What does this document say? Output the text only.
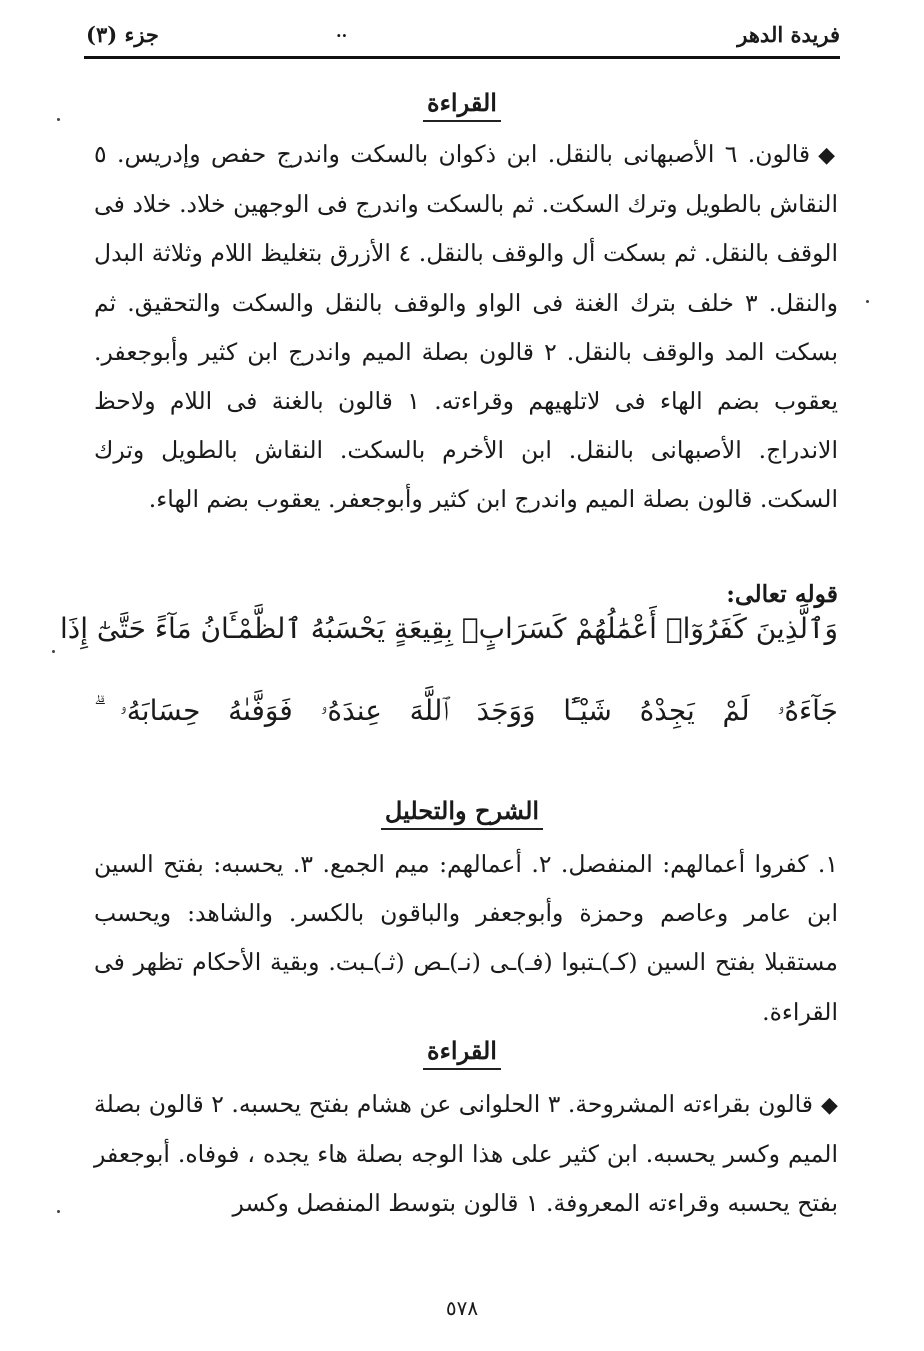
فريدة الدهر
..
جزء (٣)
القراءة
◆قالون. ٦ الأصبهانى بالنقل. ابن ذكوان بالسكت واندرج حفص وإدريس. ٥ النقاش بالطويل وترك السكت. ثم بالسكت واندرج فى الوجهين خلاد. خلاد فى الوقف بالنقل. ثم بسكت أل والوقف بالنقل. ٤ الأزرق بتغليظ اللام وثلاثة البدل والنقل. ٣ خلف بترك الغنة فى الواو والوقف بالنقل والسكت والتحقيق. ثم بسكت المد والوقف بالنقل. ٢ قالون بصلة الميم واندرج ابن كثير وأبوجعفر. يعقوب بضم الهاء فى لاتلهيهم وقراءته. ١ قالون بالغنة فى اللام ولاحظ الاندراج. الأصبهانى بالنقل. ابن الأخرم بالسكت. النقاش بالطويل وترك السكت. قالون بصلة الميم واندرج ابن كثير وأبوجعفر. يعقوب بضم الهاء.
قوله تعالى:
وَٱلَّذِينَ كَفَرُوٓا۟ أَعْمَٰلُهُمْ كَسَرَابٍۭ بِقِيعَةٍ يَحْسَبُهُ ٱلظَّمْـَٔانُ مَآءً حَتَّىٰٓ إِذَا
جَآءَهُۥ لَمْ يَجِدْهُ شَيْـًٔا وَوَجَدَ ٱللَّهَ عِندَهُۥ فَوَفَّىٰهُ حِسَابَهُۥ ۗ
الشرح والتحليل
١. كفروا أعمالهم: المنفصل. ٢. أعمالهم: ميم الجمع. ٣. يحسبه: بفتح السين ابن عامر وعاصم وحمزة وأبوجعفر والباقون بالكسر. والشاهد: ويحسب مستقبلا بفتح السين (كـ)ـتبوا (فـ)ـى (نـ)ـص (ثـ)ـبت. وبقية الأحكام تظهر فى القراءة.
القراءة
◆قالون بقراءته المشروحة. ٣ الحلوانى عن هشام بفتح يحسبه. ٢ قالون بصلة الميم وكسر يحسبه. ابن كثير على هذا الوجه بصلة هاء يجده ، فوفاه. أبوجعفر بفتح يحسبه وقراءته المعروفة. ١ قالون بتوسط المنفصل وكسر
٥٧٨
